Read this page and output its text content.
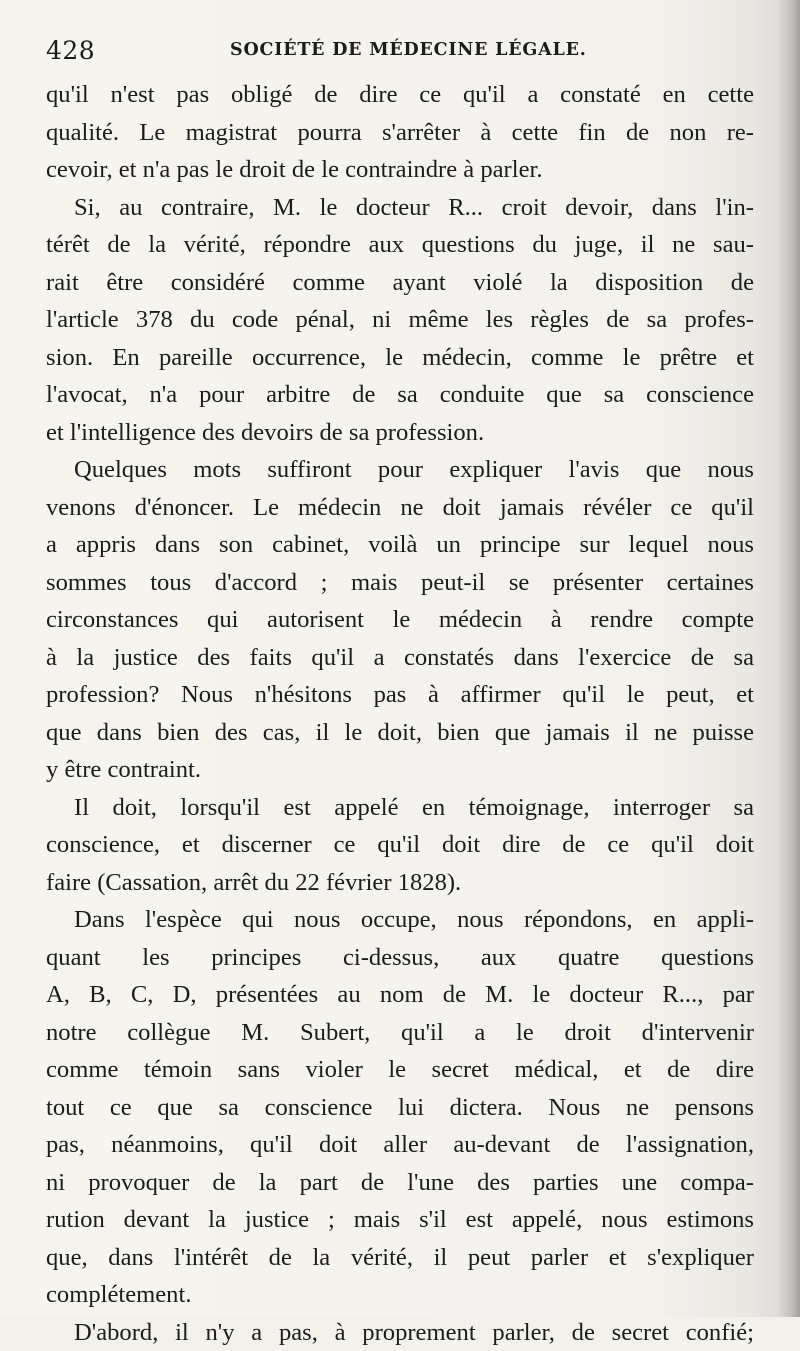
428	SOCIÉTÉ DE MÉDECINE LÉGALE.
qu'il n'est pas obligé de dire ce qu'il a constaté en cette
qualité. Le magistrat pourra s'arrêter à cette fin de non re-
cevoir, et n'a pas le droit de le contraindre à parler.
Si, au contraire, M. le docteur R... croit devoir, dans l'in-
térêt de la vérité, répondre aux questions du juge, il ne sau-
rait être considéré comme ayant violé la disposition de
l'article 378 du code pénal, ni même les règles de sa profes-
sion. En pareille occurrence, le médecin, comme le prêtre et
l'avocat, n'a pour arbitre de sa conduite que sa conscience
et l'intelligence des devoirs de sa profession.
Quelques mots suffiront pour expliquer l'avis que nous
venons d'énoncer. Le médecin ne doit jamais révéler ce qu'il
a appris dans son cabinet, voilà un principe sur lequel nous
sommes tous d'accord ; mais peut-il se présenter certaines
circonstances qui autorisent le médecin à rendre compte
à la justice des faits qu'il a constatés dans l'exercice de sa
profession? Nous n'hésitons pas à affirmer qu'il le peut, et
que dans bien des cas, il le doit, bien que jamais il ne puisse
y être contraint.
Il doit, lorsqu'il est appelé en témoignage, interroger sa
conscience, et discerner ce qu'il doit dire de ce qu'il doit
faire (Cassation, arrêt du 22 février 1828).
Dans l'espèce qui nous occupe, nous répondons, en appli-
quant les principes ci-dessus, aux quatre questions
A, B, C, D, présentées au nom de M. le docteur R..., par
notre collègue M. Subert, qu'il a le droit d'intervenir
comme témoin sans violer le secret médical, et de dire
tout ce que sa conscience lui dictera. Nous ne pensons
pas, néanmoins, qu'il doit aller au-devant de l'assignation,
ni provoquer de la part de l'une des parties une compa-
rution devant la justice ; mais s'il est appelé, nous estimons
que, dans l'intérêt de la vérité, il peut parler et s'expliquer
complétement.
D'abord, il n'y a pas, à proprement parler, de secret confié;
